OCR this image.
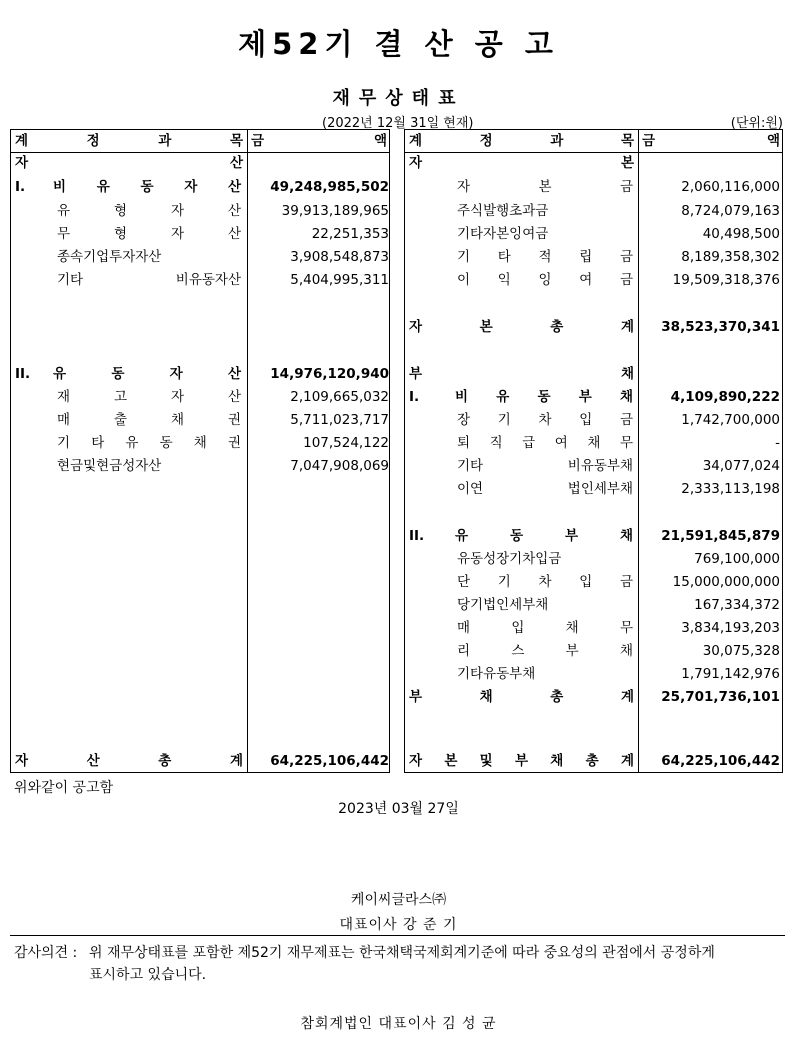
제52기 결 산 공 고
재무상태표
(2022년 12월 31일 현재)	(단위:원)
계 정 과 목 금 액
자 산
I. 비 유 동 자 산	49,248,985,502
유 형 자 산	39,913,189,965
무 형 자 산	22,251,353
종속기업투자자산	3,908,548,873
기타 비유동자산	5,404,995,311
II. 유 동 자 산	14,976,120,940
재 고 자 산	2,109,665,032
매 출 채 권	5,711,023,717
기 타 유 동 채 권	107,524,122
현금및현금성자산	7,047,908,069
자 산 총 계	64,225,106,442
계 정 과 목 금 액
자 본
자 본 금	2,060,116,000
주식발행초과금	8,724,079,163
기타자본잉여금	40,498,500
기 타 적 립 금	8,189,358,302
이 익 잉 여 금	19,509,318,376
자 본 총 계	38,523,370,341
부 채
I.	비 유 동 부 채	4,109,890,222
장 기 차 입 금	1,742,700,000
퇴 직 급 여 채 무	-
기타 비유동부채	34,077,024
이연 법인세부채	2,333,113,198
II. 유 동 부 채	21,591,845,879
유동성장기차입금	769,100,000
단 기 차 입 금	15,000,000,000
당기법인세부채	167,334,372
매 입 채 무	3,834,193,203
리 스 부 채	30,075,328
기타유동부채	1,791,142,976
부 채 총 계	25,701,736,101
자 본 및 부 채 총 계	64,225,106,442
위와같이 공고함
2023년 03월 27일
케이씨글라스㈜
대표이사 강 준 기
감사의견 : 위 재무상태표를 포함한 제52기 재무제표는 한국채택국제회계기준에 따라 중요성의 관점에서 공정하게
표시하고 있습니다.
참회계법인 대표이사 김 성 균
